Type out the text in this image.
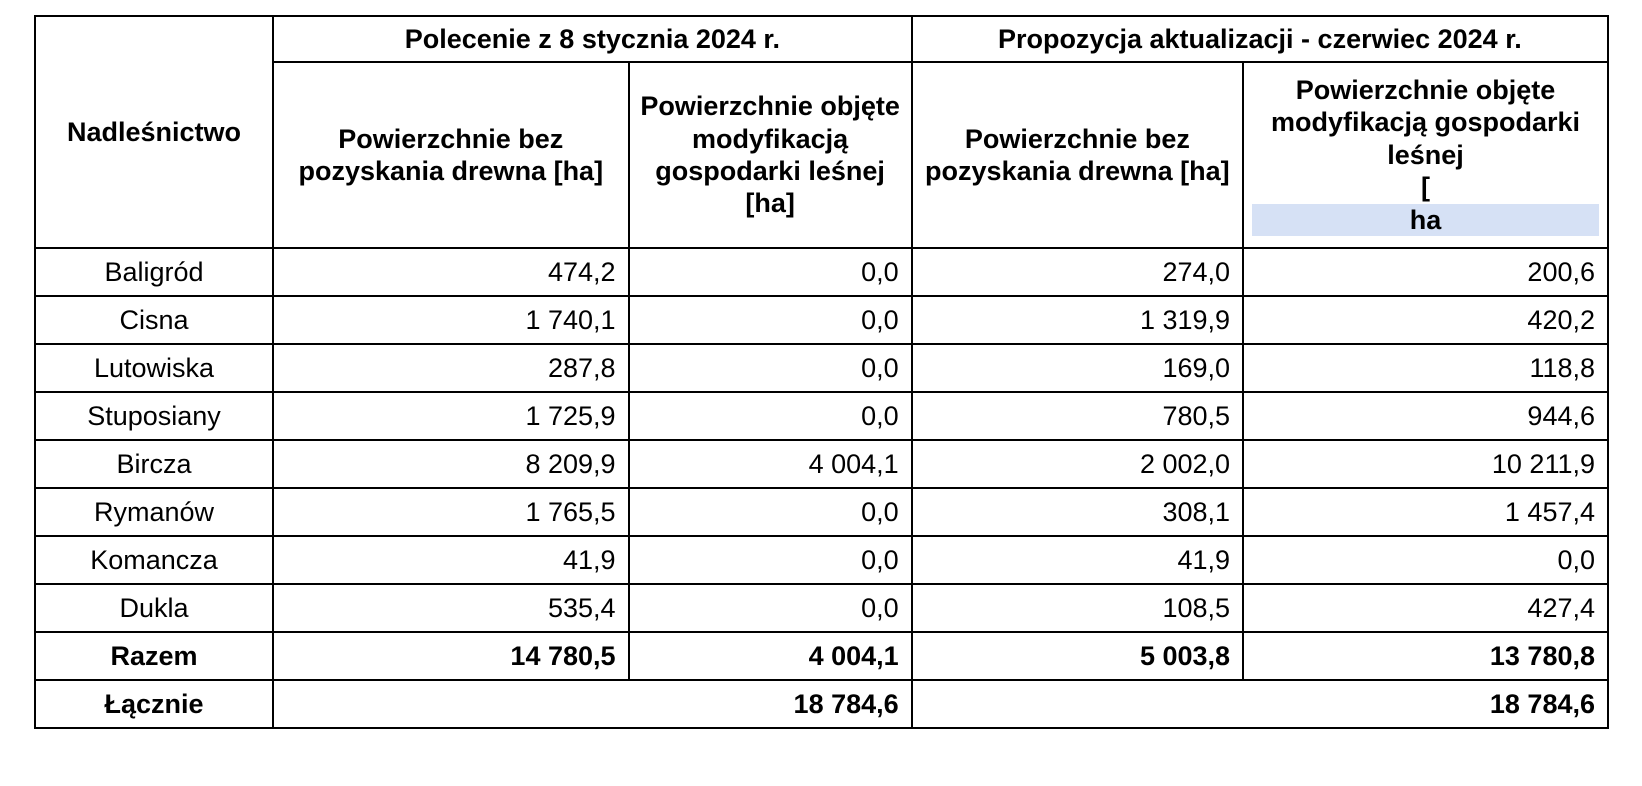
Nadleśnictwo	Polecenie z 8 stycznia 2024 r.		Propozycja aktualizacji - czerwiec 2024 r.	

	Powierzchnie bez pozyskania drewna [ha]	Powierzchnie objęte modyfikacją gospodarki leśnej [ha]	Powierzchnie bez pozyskania drewna [ha]	Powierzchnie objęte modyfikacją gospodarki leśnej
[
ha

Baligród	474,2	0,0	274,0	200,6
Cisna	1 740,1	0,0	1 319,9	420,2
Lutowiska	287,8	0,0	169,0	118,8
Stuposiany	1 725,9	0,0	780,5	944,6
Bircza	8 209,9	4 004,1	2 002,0	10 211,9
Rymanów	1 765,5	0,0	308,1	1 457,4
Komancza	41,9	0,0	41,9	0,0
Dukla	535,4	0,0	108,5	427,4
Razem	14 780,5	4 004,1	5 003,8	13 780,8
Łącznie	18 784,6		18 784,6	
